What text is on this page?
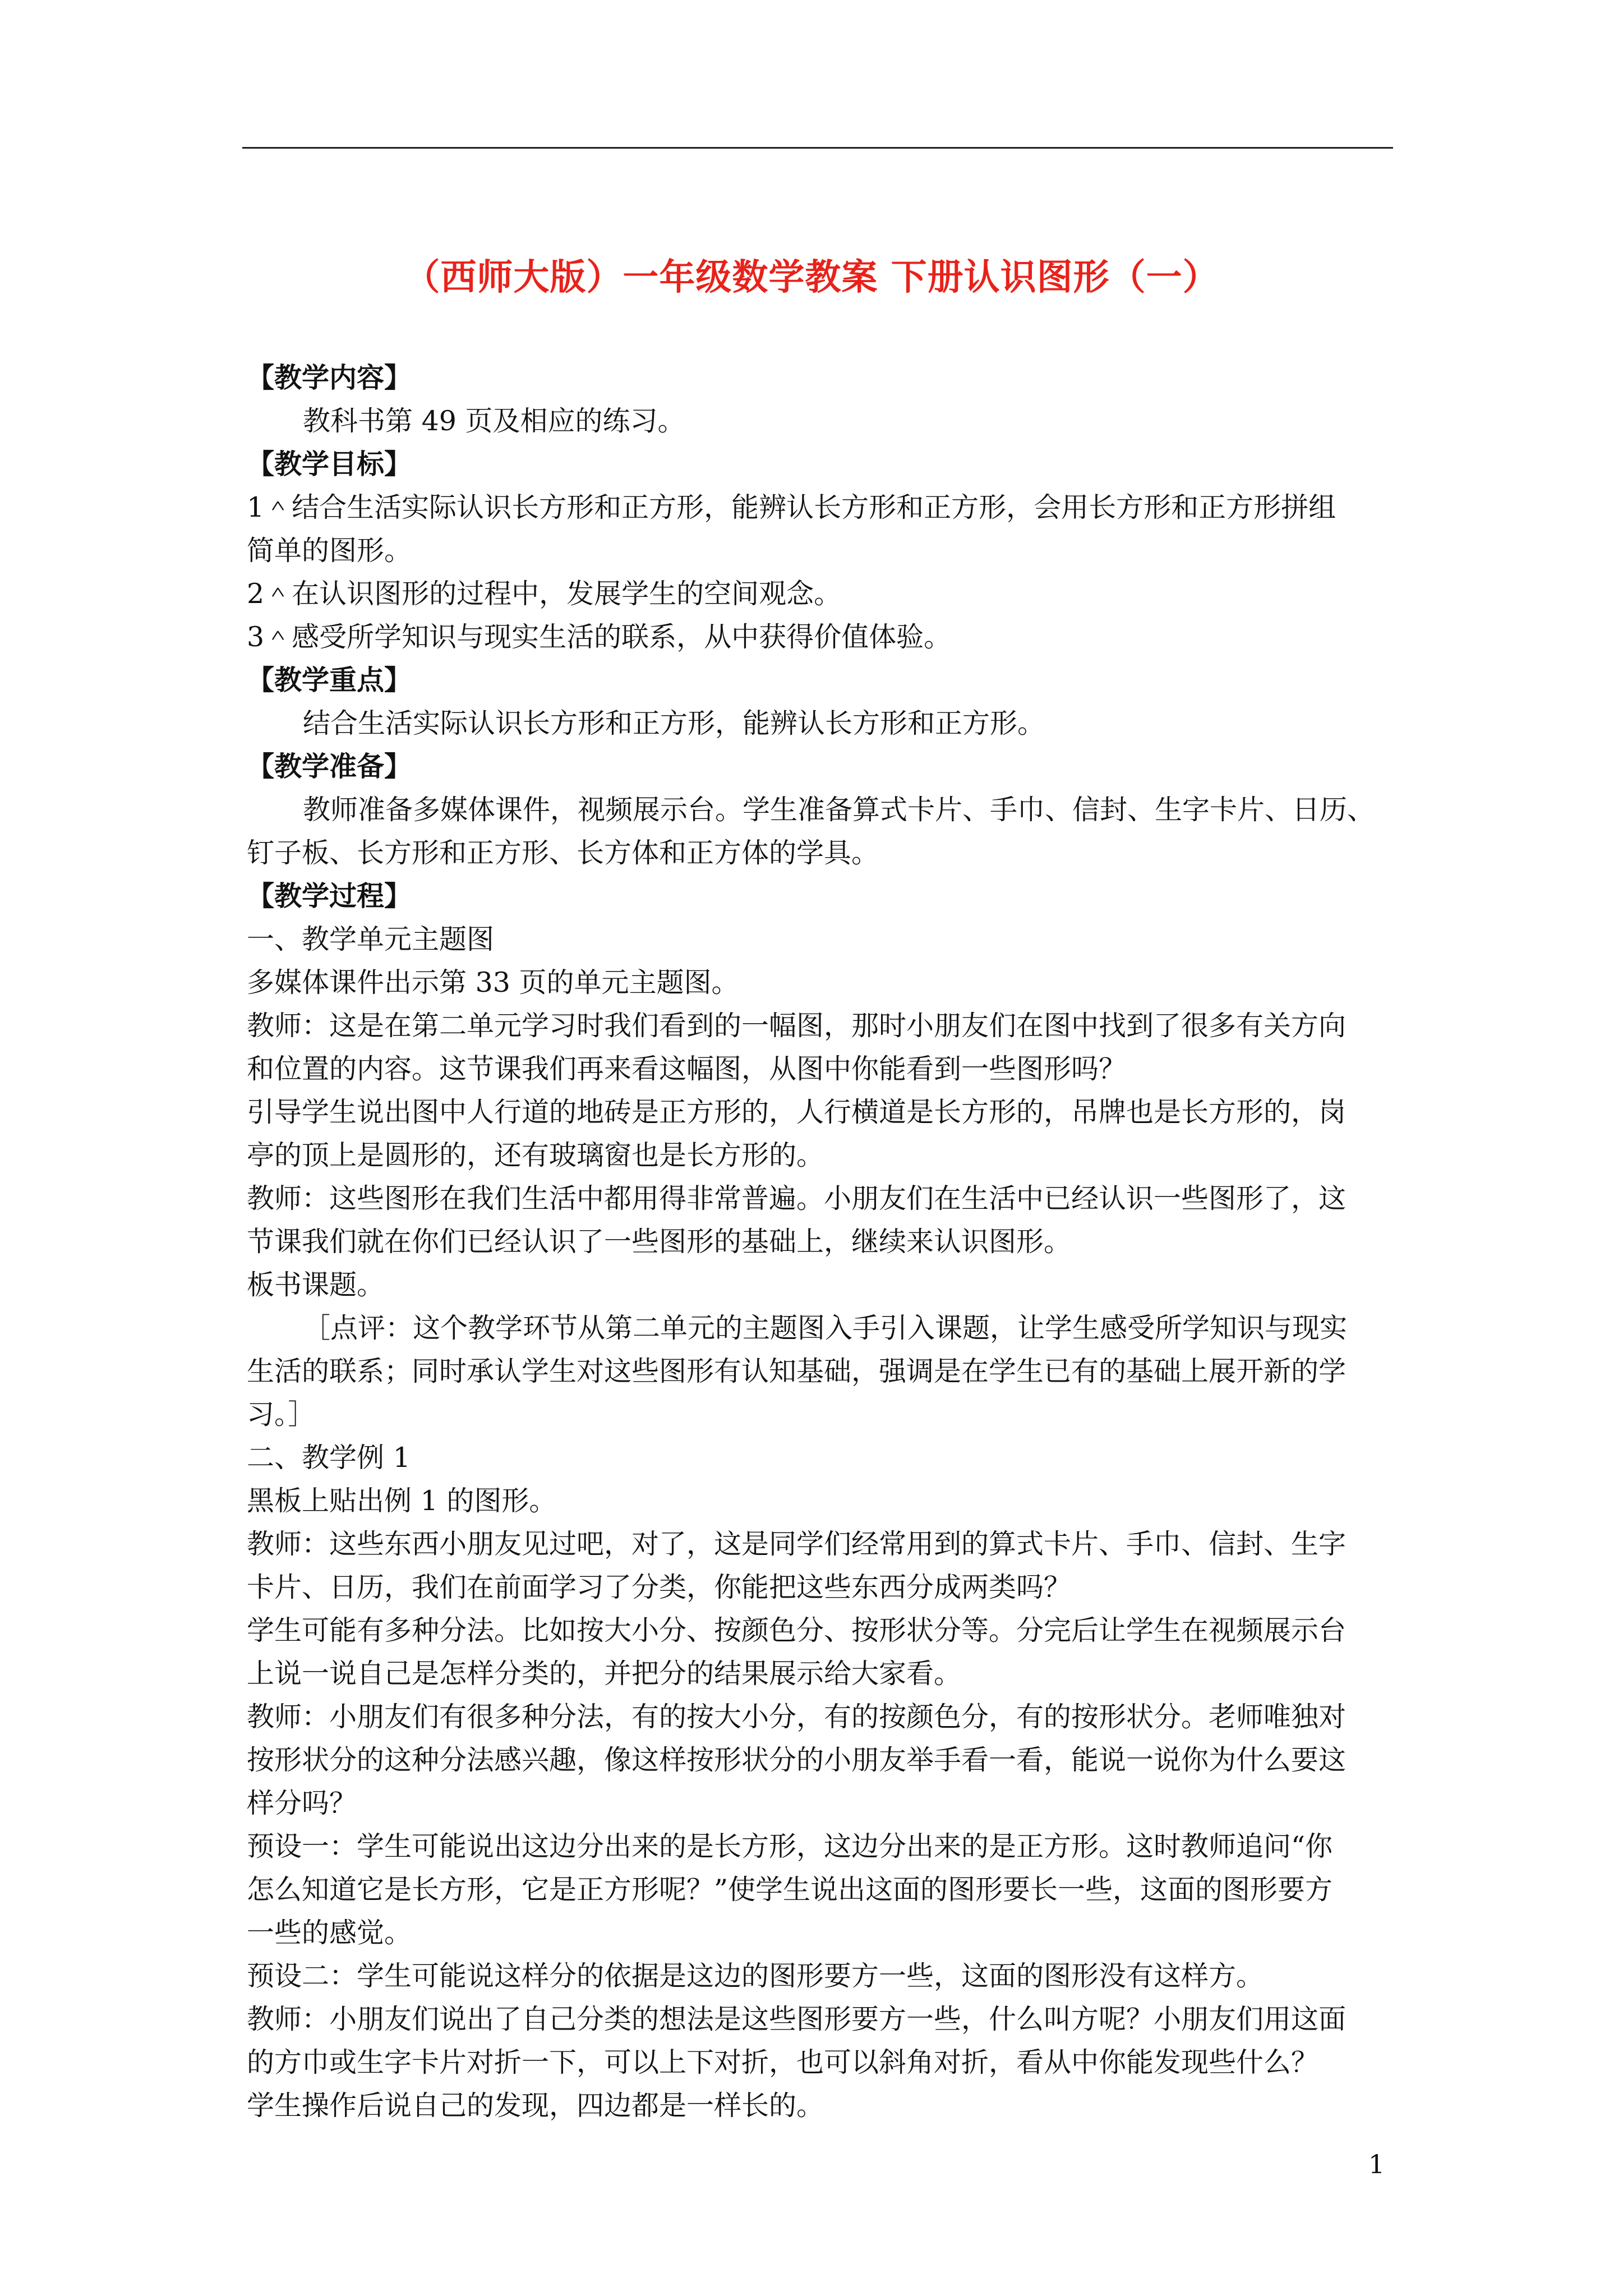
（西师大版）一年级数学教案 下册认识图形（一）
【教学内容】
教科书第 49 页及相应的练习。
【教学目标】
1＾结合生活实际认识长方形和正方形，能辨认长方形和正方形，会用长方形和正方形拼组
简单的图形。
2＾在认识图形的过程中，发展学生的空间观念。
3＾感受所学知识与现实生活的联系，从中获得价值体验。
【教学重点】
结合生活实际认识长方形和正方形，能辨认长方形和正方形。
【教学准备】
教师准备多媒体课件，视频展示台。学生准备算式卡片、手巾、信封、生字卡片、日历、
钉子板、长方形和正方形、长方体和正方体的学具。
【教学过程】
一、教学单元主题图
多媒体课件出示第 33 页的单元主题图。
教师：这是在第二单元学习时我们看到的一幅图，那时小朋友们在图中找到了很多有关方向
和位置的内容。这节课我们再来看这幅图，从图中你能看到一些图形吗？
引导学生说出图中人行道的地砖是正方形的，人行横道是长方形的，吊牌也是长方形的，岗
亭的顶上是圆形的，还有玻璃窗也是长方形的。
教师：这些图形在我们生活中都用得非常普遍。小朋友们在生活中已经认识一些图形了，这
节课我们就在你们已经认识了一些图形的基础上，继续来认识图形。
板书课题。
［点评：这个教学环节从第二单元的主题图入手引入课题，让学生感受所学知识与现实
生活的联系；同时承认学生对这些图形有认知基础，强调是在学生已有的基础上展开新的学
习。］
二、教学例 1
黑板上贴出例 1 的图形。
教师：这些东西小朋友见过吧，对了，这是同学们经常用到的算式卡片、手巾、信封、生字
卡片、日历，我们在前面学习了分类，你能把这些东西分成两类吗？
学生可能有多种分法。比如按大小分、按颜色分、按形状分等。分完后让学生在视频展示台
上说一说自己是怎样分类的，并把分的结果展示给大家看。
教师：小朋友们有很多种分法，有的按大小分，有的按颜色分，有的按形状分。老师唯独对
按形状分的这种分法感兴趣，像这样按形状分的小朋友举手看一看，能说一说你为什么要这
样分吗？
预设一：学生可能说出这边分出来的是长方形，这边分出来的是正方形。这时教师追问“你
怎么知道它是长方形，它是正方形呢？”使学生说出这面的图形要长一些，这面的图形要方
一些的感觉。
预设二：学生可能说这样分的依据是这边的图形要方一些，这面的图形没有这样方。
教师：小朋友们说出了自己分类的想法是这些图形要方一些，什么叫方呢？小朋友们用这面
的方巾或生字卡片对折一下，可以上下对折，也可以斜角对折，看从中你能发现些什么？
学生操作后说自己的发现，四边都是一样长的。
1
